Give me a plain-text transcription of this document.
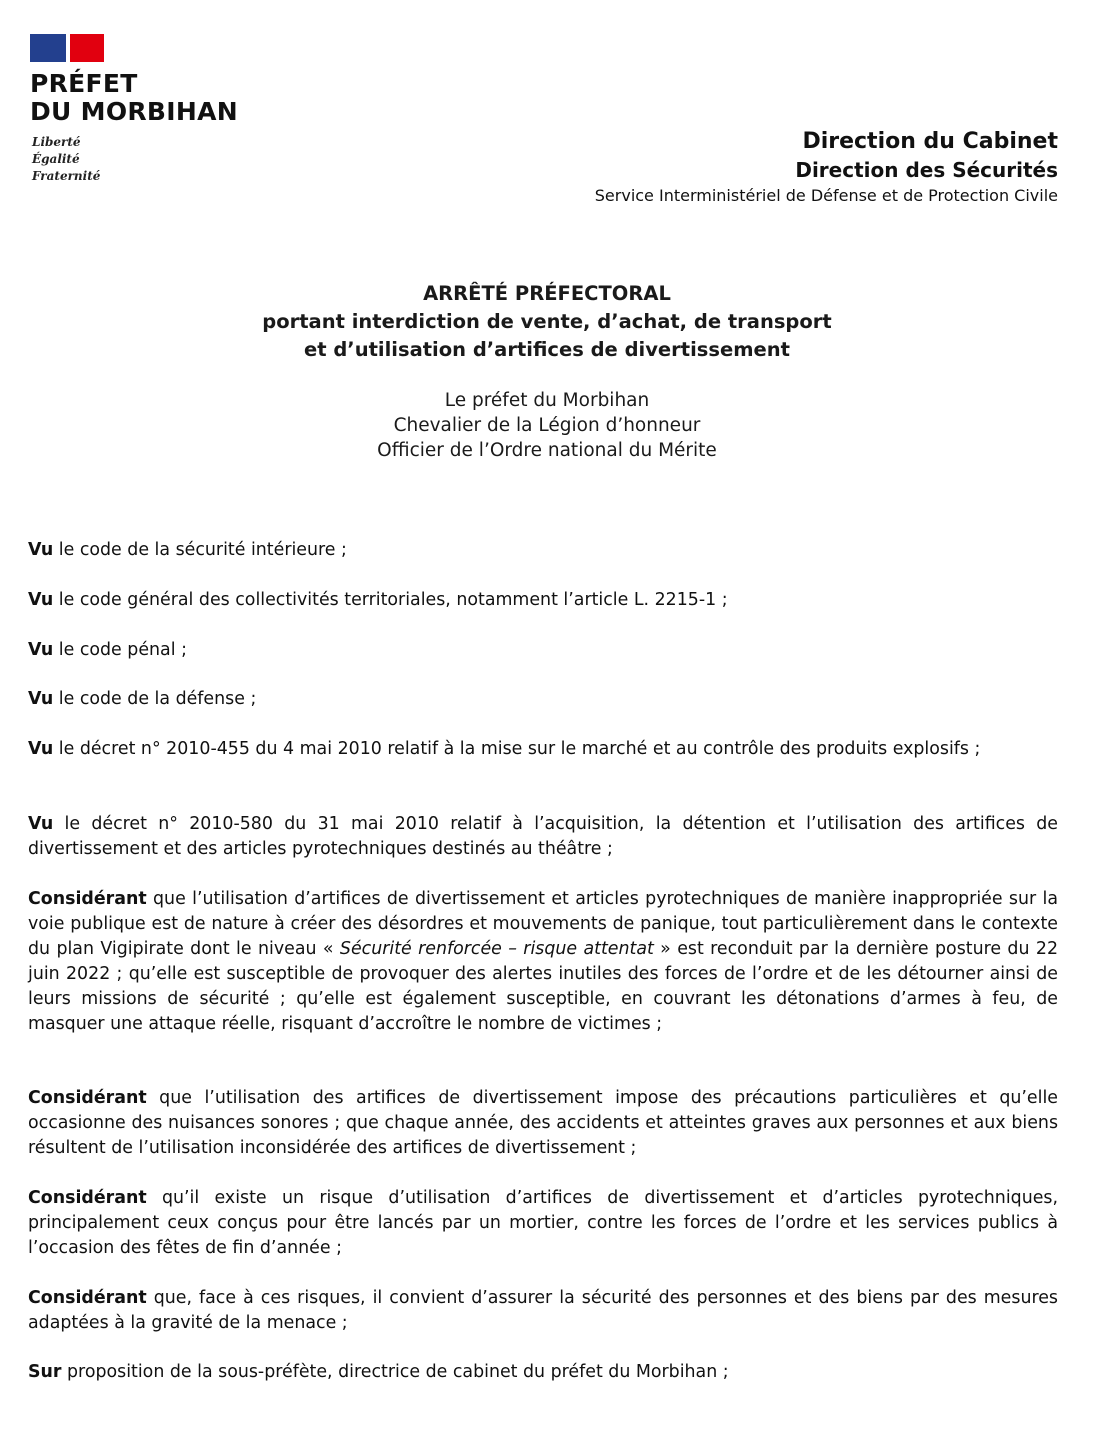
PRÉFET
DU MORBIHAN
Liberté
Égalité
Fraternité
Direction du Cabinet
Direction des Sécurités
Service Interministériel de Défense et de Protection Civile
ARRÊTÉ PRÉFECTORAL
portant interdiction de vente, d’achat, de transport
et d’utilisation d’artifices de divertissement
Le préfet du Morbihan
Chevalier de la Légion d’honneur
Officier de l’Ordre national du Mérite
Vu le code de la sécurité intérieure ;
Vu le code général des collectivités territoriales, notamment l’article L. 2215-1 ;
Vu le code pénal ;
Vu le code de la défense ;
Vu le décret n° 2010-455 du 4 mai 2010 relatif à la mise sur le marché et au contrôle des produits explosifs ;
Vu le décret n° 2010-580 du 31 mai 2010 relatif à l’acquisition, la détention et l’utilisation des artifices de divertissement et des articles pyrotechniques destinés au théâtre ;
Considérant que l’utilisation d’artifices de divertissement et articles pyrotechniques de manière inappropriée sur la voie publique est de nature à créer des désordres et mouvements de panique, tout particulièrement dans le contexte du plan Vigipirate dont le niveau « Sécurité renforcée – risque attentat » est reconduit par la dernière posture du 22 juin 2022 ; qu’elle est susceptible de provoquer des alertes inutiles des forces de l’ordre et de les détourner ainsi de leurs missions de sécurité ; qu’elle est également susceptible, en couvrant les détonations d’armes à feu, de masquer une attaque réelle, risquant d’accroître le nombre de victimes ;
Considérant que l’utilisation des artifices de divertissement impose des précautions particulières et qu’elle occasionne des nuisances sonores ; que chaque année, des accidents et atteintes graves aux personnes et aux biens résultent de l’utilisation inconsidérée des artifices de divertissement ;
Considérant qu’il existe un risque d’utilisation d’artifices de divertissement et d’articles pyrotechniques, principalement ceux conçus pour être lancés par un mortier, contre les forces de l’ordre et les services publics à l’occasion des fêtes de fin d’année ;
Considérant que, face à ces risques, il convient d’assurer la sécurité des personnes et des biens par des mesures adaptées à la gravité de la menace ;
Sur proposition de la sous-préfète, directrice de cabinet du préfet du Morbihan ;
